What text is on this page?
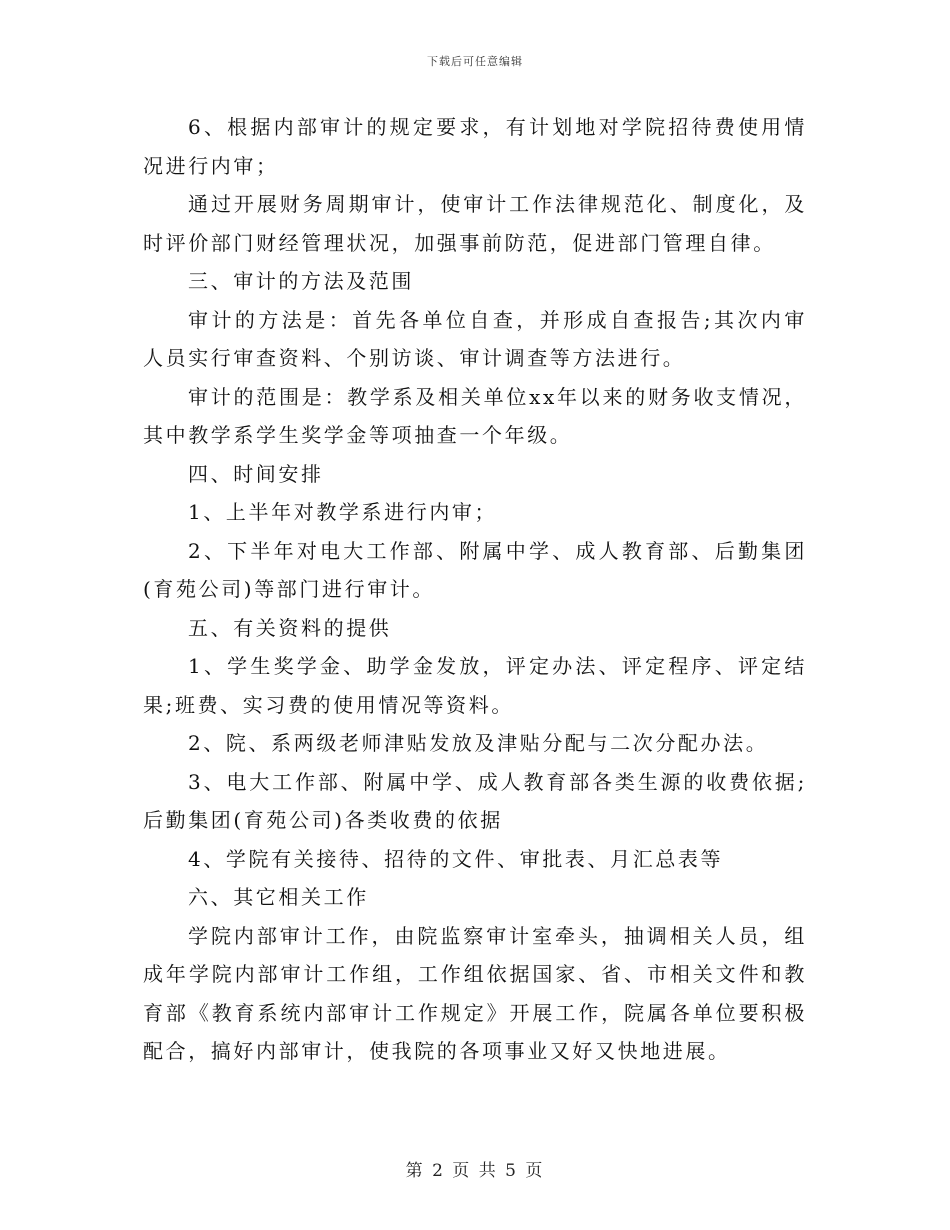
下载后可任意编辑

6、根据内部审计的规定要求，有计划地对学院招待费使用情况进行内审；

通过开展财务周期审计，使审计工作法律规范化、制度化，及时评价部门财经管理状况，加强事前防范，促进部门管理自律。

三、审计的方法及范围

审计的方法是：首先各单位自查，并形成自查报告;其次内审人员实行审查资料、个别访谈、审计调查等方法进行。

审计的范围是：教学系及相关单位xx年以来的财务收支情况，其中教学系学生奖学金等项抽查一个年级。

四、时间安排

1、上半年对教学系进行内审；

2、下半年对电大工作部、附属中学、成人教育部、后勤集团(育苑公司)等部门进行审计。

五、有关资料的提供

1、学生奖学金、助学金发放，评定办法、评定程序、评定结果;班费、实习费的使用情况等资料。

2、院、系两级老师津贴发放及津贴分配与二次分配办法。

3、电大工作部、附属中学、成人教育部各类生源的收费依据;后勤集团(育苑公司)各类收费的依据

4、学院有关接待、招待的文件、审批表、月汇总表等

六、其它相关工作

学院内部审计工作，由院监察审计室牵头，抽调相关人员，组成年学院内部审计工作组，工作组依据国家、省、市相关文件和教育部《教育系统内部审计工作规定》开展工作，院属各单位要积极配合，搞好内部审计，使我院的各项事业又好又快地进展。

第 2 页 共 5 页
